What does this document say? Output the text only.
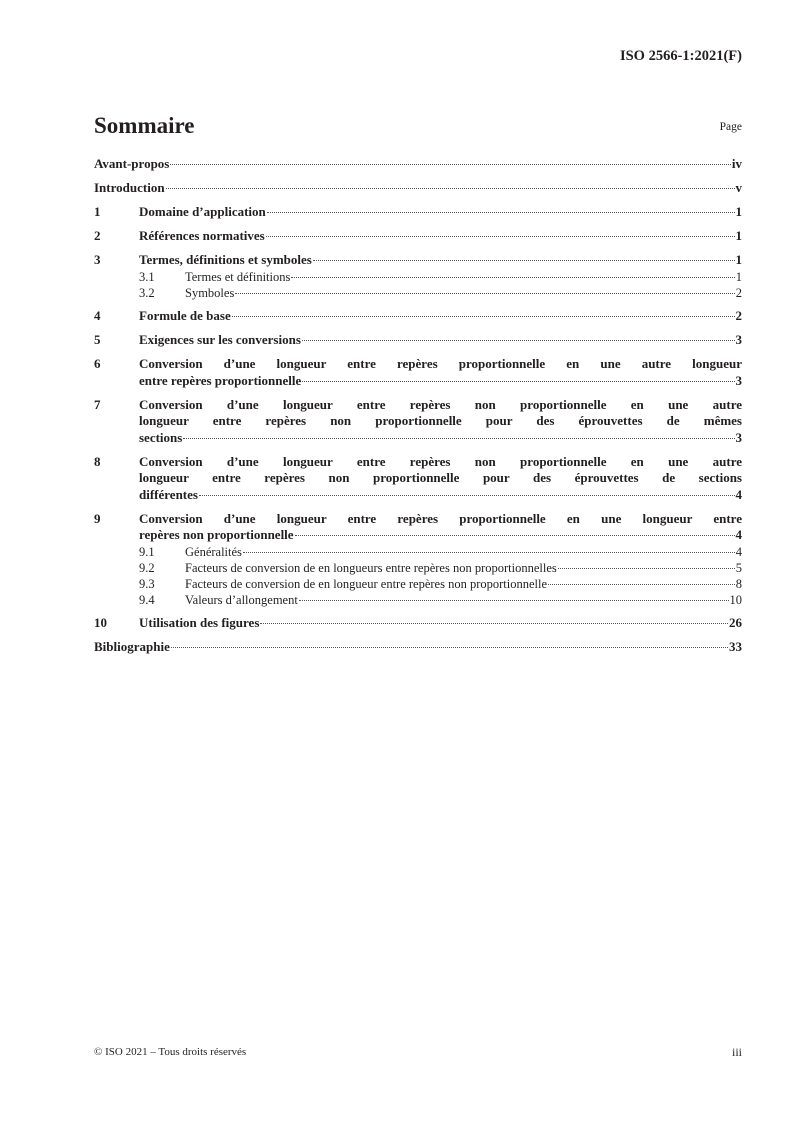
ISO 2566-1:2021(F)
Sommaire	Page
Avant-propos	iv
Introduction	v
1	Domaine d’application	1
2	Références normatives	1
3	Termes, définitions et symboles	1
3.1	Termes et définitions	1
3.2	Symboles	2
4	Formule de base	2
5	Exigences sur les conversions	3
6	Conversion d’une longueur entre repères proportionnelle en une autre longueur
entre repères proportionnelle	3
7	Conversion d’une longueur entre repères non proportionnelle en une autre
longueur entre repères non proportionnelle pour des éprouvettes de mêmes
sections	3
8	Conversion d’une longueur entre repères non proportionnelle en une autre
longueur entre repères non proportionnelle pour des éprouvettes de sections
différentes	4
9	Conversion d’une longueur entre repères proportionnelle en une longueur entre
repères non proportionnelle	4
9.1	Généralités	4
9.2	Facteurs de conversion de en longueurs entre repères non proportionnelles	5
9.3	Facteurs de conversion de en longueur entre repères non proportionnelle	8
9.4	Valeurs d’allongement	10
10	Utilisation des figures	26
Bibliographie	33
© ISO 2021 – Tous droits réservés	iii
